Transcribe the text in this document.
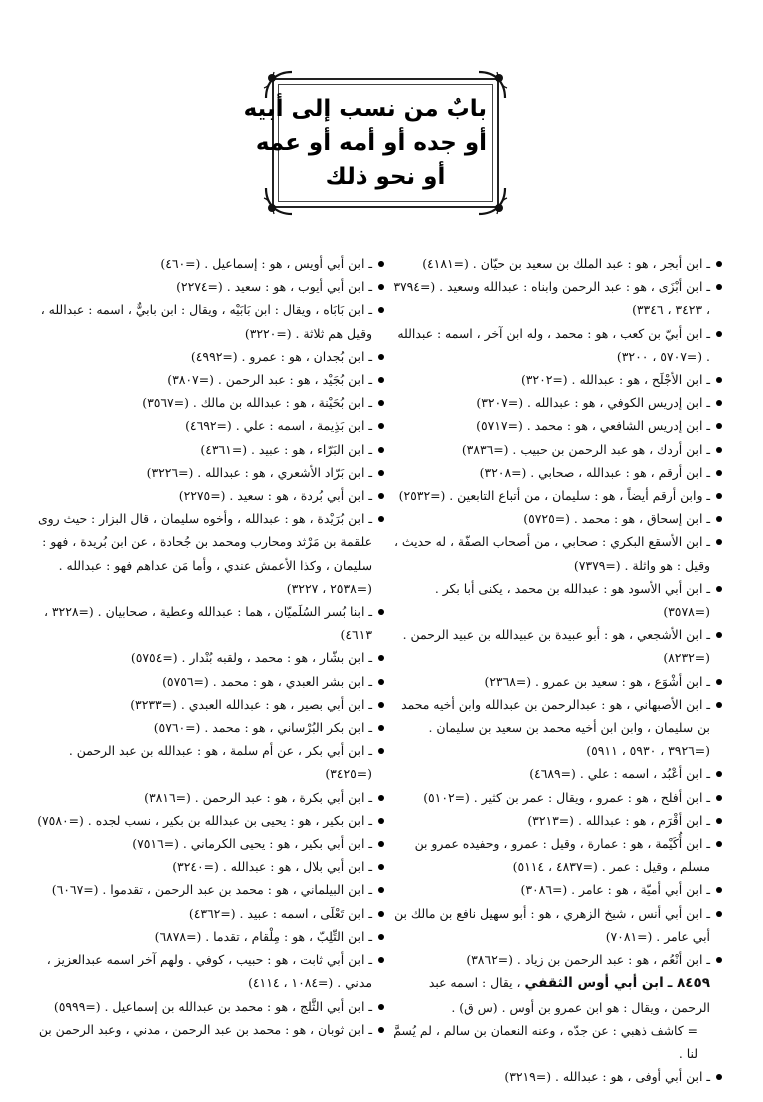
بابٌ من نسب إلى أبيه
أو جده أو أمه أو عمه
أو نحو ذلك
ـ ابن أبجر ، هو : عبد الملك بن سعيد بن حيّان . (=٤١٨١)
ـ ابن أبْزَى ، هو : عبد الرحمن وابناه : عبدالله وسعيد . (=٣٧٩٤ ، ٣٤٢٣ ، ٣٣٤٦)
ـ ابن أبيّ بن كعب ، هو : محمد ، وله ابن آخر ، اسمه : عبدالله . (=٥٧٠٧ ، ٣٢٠٠)
ـ ابن الأجْلَح ، هو : عبدالله . (=٣٢٠٢)
ـ ابن إدريس الكوفي ، هو : عبدالله . (=٣٢٠٧)
ـ ابن إدريس الشافعي ، هو : محمد . (=٥٧١٧)
ـ ابن أردك ، هو عبد الرحمن بن حبيب . (=٣٨٣٦)
ـ ابن أرقم ، هو : عبدالله ، صحابي . (=٣٢٠٨)
ـ وابن أرقم أيضاً ، هو : سليمان ، من أتباع التابعين . (=٢٥٣٢)
ـ ابن إسحاق ، هو : محمد . (=٥٧٢٥)
ـ ابن الأسقع البكري : صحابي ، من أصحاب الصفّة ، له حديث ، وقيل : هو واثلة . (=٧٣٧٩)
ـ ابن أبي الأسود هو : عبدالله بن محمد ، يكنى أبا بكر . (=٣٥٧٨)
ـ ابن الأشجعي ، هو : أبو عبيدة بن عبيدالله بن عبيد الرحمن . (=٨٢٣٢)
ـ ابن أشْوَع ، هو : سعيد بن عمرو . (=٢٣٦٨)
ـ ابن الأصبهاني ، هو : عبدالرحمن بن عبدالله وابن أخيه محمد بن سليمان ، وابن ابن أخيه محمد بن سعيد بن سليمان . (=٣٩٢٦ ، ٥٩٣٠ ، ٥٩١١)
ـ ابن أعْبُد ، اسمه : علي . (=٤٦٨٩)
ـ ابن أفلح ، هو : عمرو ، ويقال : عمر بن كثير . (=٥١٠٢)
ـ ابن أقْرَم ، هو : عبدالله . (=٣٢١٣)
ـ ابن أُكَيْمة ، هو : عمارة ، وقيل : عمرو ، وحفيده عمرو بن مسلم ، وقيل : عمر . (=٤٨٣٧ ، ٥١١٤)
ـ ابن أبي أميّة ، هو : عامر . (=٣٠٨٦)
ـ ابن أبي أنس ، شيخ الزهري ، هو : أبو سهيل نافع بن مالك بن أبي عامر . (=٧٠٨١)
ـ ابن أنْعُم ، هو : عبد الرحمن بن زياد . (=٣٨٦٢)
٨٤٥٩ ـ ابن أبي أوس الثقفي ، يقال : اسمه عبد الرحمن ، ويقال : هو ابن عمرو بن أوس . (س ق) .
= كاشف ذهبي : عن جدّه ، وعنه النعمان بن سالم ، لم يُسمَّ لنا .
ـ ابن أبي أوفى ، هو : عبدالله . (=٣٢١٩)
ـ ابن أبي أويس ، هو : إسماعيل . (=٤٦٠)
ـ ابن أبي أيوب ، هو : سعيد . (=٢٢٧٤)
ـ ابن بَابَاه ، ويقال : ابن بَابَيْه ، ويقال : ابن بابيٌّ ، اسمه : عبدالله ، وقيل هم ثلاثة . (=٣٢٢٠)
ـ ابن بُجدان ، هو : عمرو . (=٤٩٩٢)
ـ ابن بُجَيْد ، هو : عبد الرحمن . (=٣٨٠٧)
ـ ابن بُحَيْنة ، هو : عبدالله بن مالك . (=٣٥٦٧)
ـ ابن بَذِيمة ، اسمه : علي . (=٤٦٩٢)
ـ ابن البَرّاء ، هو : عبيد . (=٤٣٦١)
ـ ابن بَرّاد الأشعري ، هو : عبدالله . (=٣٢٢٦)
ـ ابن أبي بُردة ، هو : سعيد . (=٢٢٧٥)
ـ ابن بُرَيْدة ، هو : عبدالله ، وأخوه سليمان ، قال البزار : حيث روى علقمة بن مَرْثد ومحارب ومحمد بن جُحادة ، عن ابن بُريدة ، فهو : سليمان ، وكذا الأعمش عندي ، وأما مَن عداهم فهو : عبدالله . (=٢٥٣٨ ، ٣٢٢٧)
ـ ابنا بُسر السُلَميّان ، هما : عبدالله وعطية ، صحابيان . (=٣٢٢٨ ، ٤٦١٣)
ـ ابن بشّار ، هو : محمد ، ولقبه بُنْدار . (=٥٧٥٤)
ـ ابن بشر العبدي ، هو : محمد . (=٥٧٥٦)
ـ ابن أبي بصير ، هو : عبدالله العبدي . (=٣٢٣٣)
ـ ابن بكر البُرْساني ، هو : محمد . (=٥٧٦٠)
ـ ابن أبي بكر ، عن أم سلمة ، هو : عبدالله بن عبد الرحمن . (=٣٤٢٥)
ـ ابن أبي بكرة ، هو : عبد الرحمن . (=٣٨١٦)
ـ ابن بكير ، هو : يحيى بن عبدالله بن بكير ، نسب لجده . (=٧٥٨٠)
ـ ابن أبي بكير ، هو : يحيى الكرماني . (=٧٥١٦)
ـ ابن أبي بلال ، هو : عبدالله . (=٣٢٤٠)
ـ ابن البيلماني ، هو : محمد بن عبد الرحمن ، تقدموا . (=٦٠٦٧)
ـ ابن تَعْلَى ، اسمه : عبيد . (=٤٣٦٢)
ـ ابن التِّلِبّ ، هو : مِلْقام ، تقدما . (=٦٨٧٨)
ـ ابن أبي ثابت ، هو : حبيب ، كوفي . ولهم آخر اسمه عبدالعزيز ، مدني . (=١٠٨٤ ، ٤١١٤)
ـ ابن أبي الثَّلج ، هو : محمد بن عبدالله بن إسماعيل . (=٥٩٩٩)
ـ ابن ثوبان ، هو : محمد بن عبد الرحمن ، مدني ، وعبد الرحمن بن
